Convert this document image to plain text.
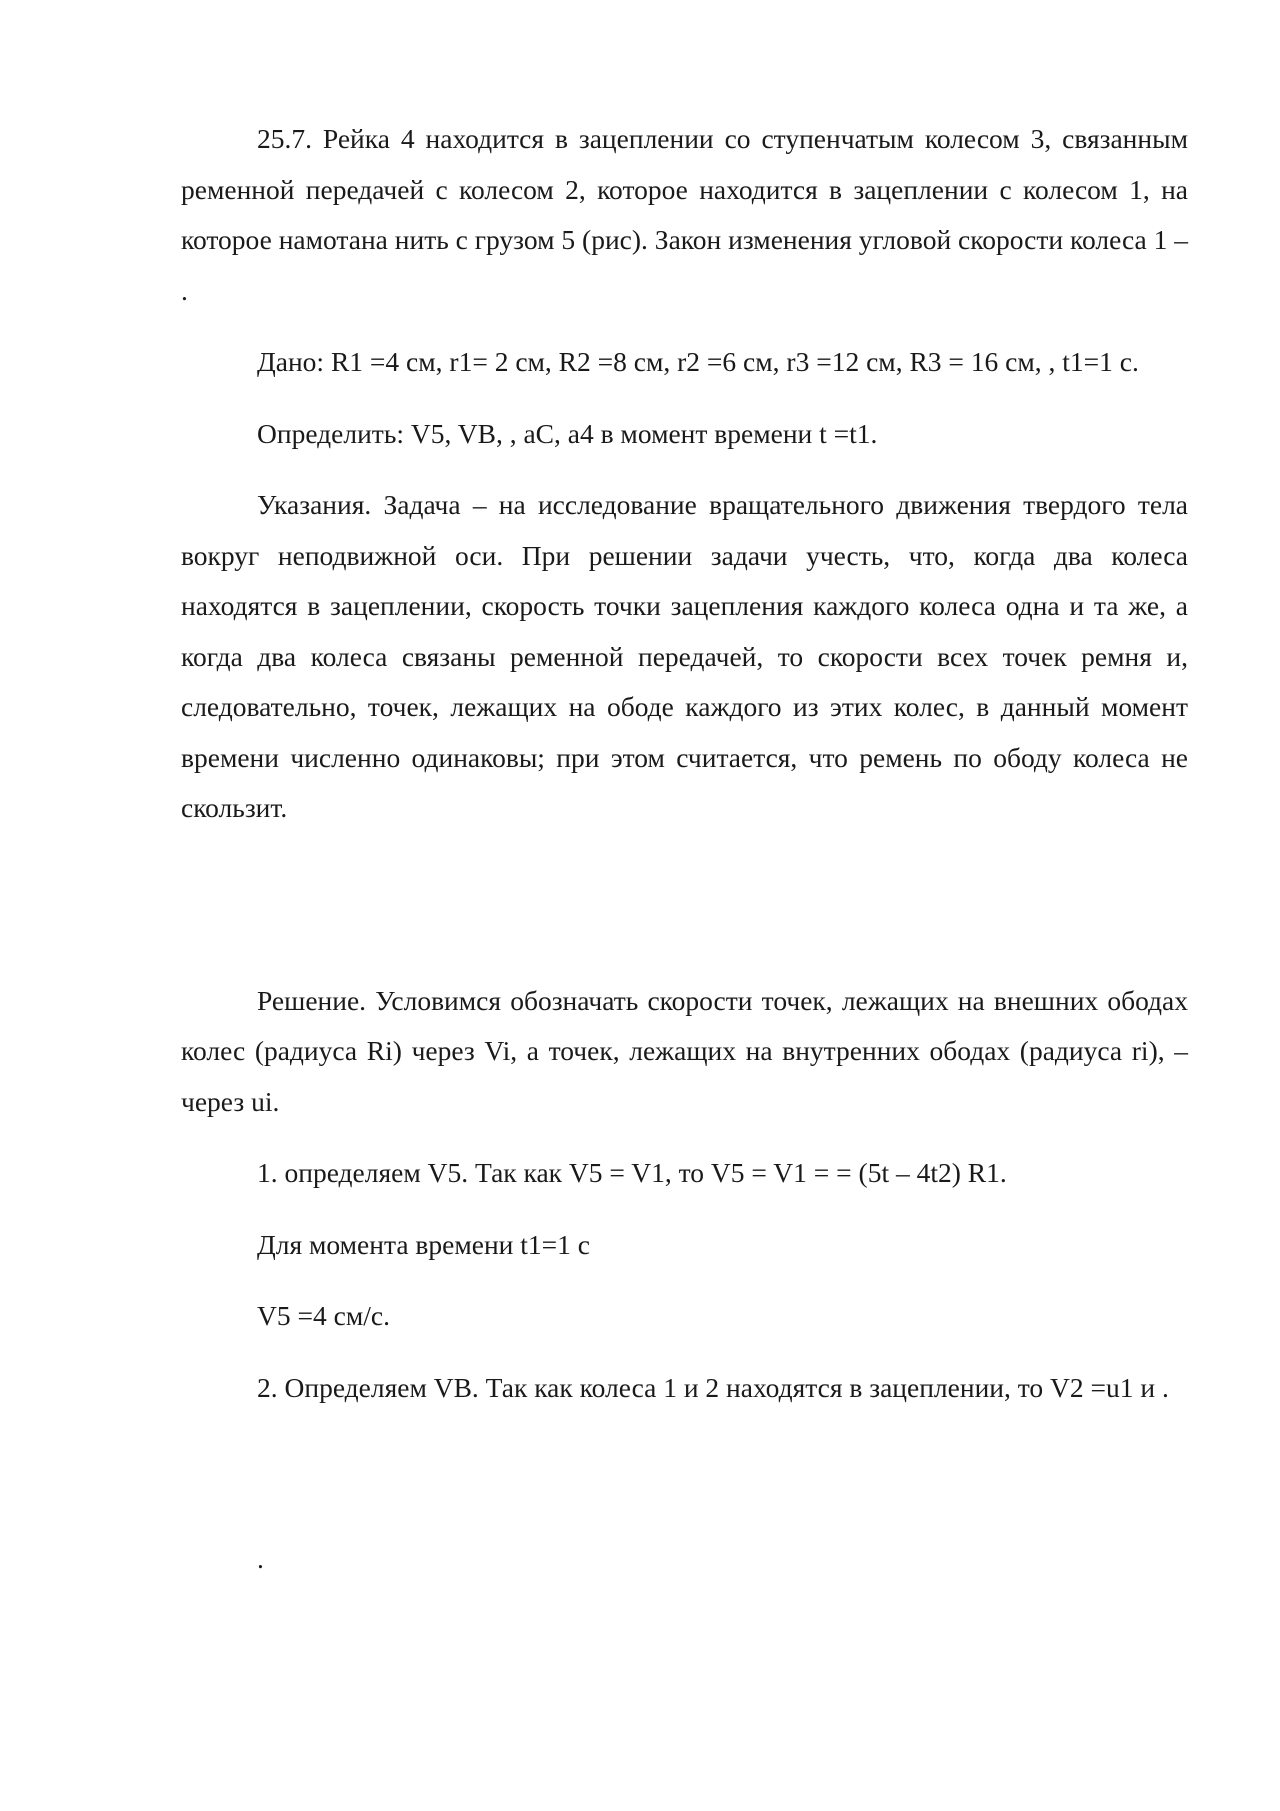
25.7. Рейка 4 находится в зацеплении со ступенчатым колесом 3, связанным ременной передачей с колесом 2, которое находится в зацеплении с колесом 1, на которое намотана нить с грузом 5 (рис). Закон изменения угловой скорости колеса 1 – .

Дано: R1 =4 см, r1= 2 см, R2 =8 см, r2 =6 см, r3 =12 см, R3 = 16 см, , t1=1 с.

Определить: V5, VB, , aC, a4 в момент времени t =t1.

Указания. Задача – на исследование вращательного движения твердого тела вокруг неподвижной оси. При решении задачи учесть, что, когда два колеса находятся в зацеплении, скорость точки зацепления каждого колеса одна и та же, а когда два колеса связаны ременной передачей, то скорости всех точек ремня и, следовательно, точек, лежащих на ободе каждого из этих колес, в данный момент времени численно одинаковы; при этом считается, что ремень по ободу колеса не скользит.

Решение. Условимся обозначать скорости точек, лежащих на внешних ободах колес (радиуса Ri) через Vi, а точек, лежащих на внутренних ободах (радиуса ri), – через ui.

1. определяем V5. Так как V5 = V1, то V5 = V1 = = (5t – 4t2) R1.

Для момента времени t1=1 с

V5 =4 см/с.

2. Определяем VB. Так как колеса 1 и 2 находятся в зацеплении, то V2 =u1 и .

.
